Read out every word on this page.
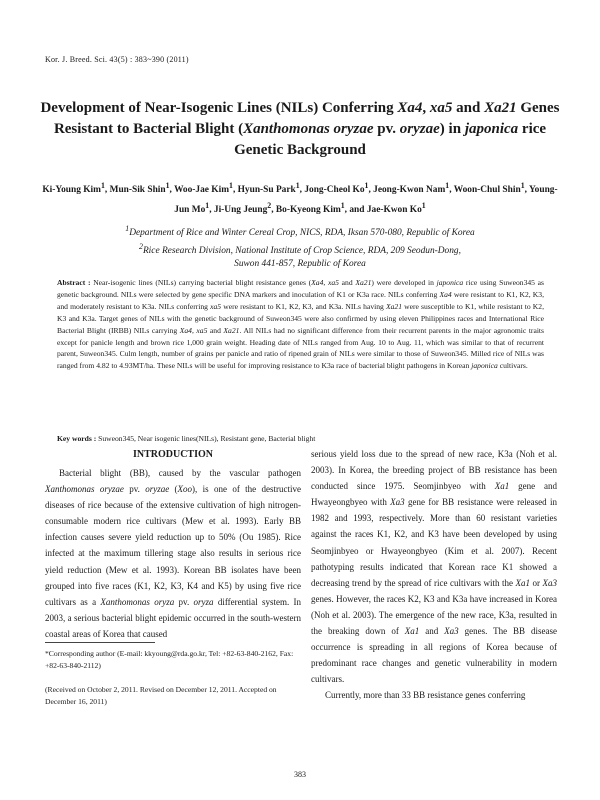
Kor. J. Breed. Sci. 43(5) : 383~390 (2011)
Development of Near-Isogenic Lines (NILs) Conferring Xa4, xa5 and Xa21 Genes Resistant to Bacterial Blight (Xanthomonas oryzae pv. oryzae) in japonica rice Genetic Background
Ki-Young Kim$^1$, Mun-Sik Shin$^1$, Woo-Jae Kim$^1$, Hyun-Su Park$^1$, Jong-Cheol Ko$^1$, Jeong-Kwon Nam$^1$, Woon-Chul Shin$^1$, Young-Jun Mo$^1$, Ji-Ung Jeung$^2$, Bo-Kyeong Kim$^1$, and Jae-Kwon Ko$^1$
$^1$Department of Rice and Winter Cereal Crop, NICS, RDA, Iksan 570-080, Republic of Korea
$^2$Rice Research Division, National Institute of Crop Science, RDA, 209 Seodun-Dong,
Suwon 441-857, Republic of Korea
Abstract : Near-isogenic lines (NILs) carrying bacterial blight resistance genes (Xa4, xa5 and Xa21) were developed in japonica rice using Suweon345 as genetic background. NILs were selected by gene specific DNA markers and inoculation of K1 or K3a race. NILs conferring Xa4 were resistant to K1, K2, K3, and moderately resistant to K3a. NILs conferring xa5 were resistant to K1, K2, K3, and K3a. NILs having Xa21 were susceptible to K1, while resistant to K2, K3 and K3a. Target genes of NILs with the genetic background of Suweon345 were also confirmed by using eleven Philippines races and International Rice Bacterial Blight (IRBB) NILs carrying Xa4, xa5 and Xa21. All NILs had no significant difference from their recurrent parents in the major agronomic traits except for panicle length and brown rice 1,000 grain weight. Heading date of NILs ranged from Aug. 10 to Aug. 11, which was similar to that of recurrent parent, Suweon345. Culm length, number of grains per panicle and ratio of ripened grain of NILs were similar to those of Suweon345. Milled rice of NILs was ranged from 4.82 to 4.93MT/ha. These NILs will be useful for improving resistance to K3a race of bacterial blight pathogens in Korean japonica cultivars.
Key words : Suweon345, Near isogenic lines(NILs), Resistant gene, Bacterial blight
INTRODUCTION

Bacterial blight (BB), caused by the vascular pathogen Xanthomonas oryzae pv. oryzae (Xoo), is one of the destructive diseases of rice because of the extensive cultivation of high nitrogen-consumable modern rice cultivars (Mew et al. 1993). Early BB infection causes severe yield reduction up to 50% (Ou 1985). Rice infected at the maximum tillering stage also results in serious rice yield reduction (Mew et al. 1993). Korean BB isolates have been grouped into five races (K1, K2, K3, K4 and K5) by using five rice cultivars as a Xanthomonas oryza pv. oryza differential system. In 2003, a serious bacterial blight epidemic occurred in the south-western coastal areas of Korea that caused

serious yield loss due to the spread of new race, K3a (Noh et al. 2003). In Korea, the breeding project of BB resistance has been conducted since 1975. Seomjinbyeo with Xa1 gene and Hwayeongbyeo with Xa3 gene for BB resistance were released in 1982 and 1993, respectively. More than 60 resistant varieties against the races K1, K2, and K3 have been developed by using Seomjinbyeo or Hwayeongbyeo (Kim et al. 2007). Recent pathotyping results indicated that Korean race K1 showed a decreasing trend by the spread of rice cultivars with the Xa1 or Xa3 genes. However, the races K2, K3 and K3a have increased in Korea (Noh et al. 2003). The emergence of the new race, K3a, resulted in the breaking down of Xa1 and Xa3 genes. The BB disease occurrence is spreading in all regions of Korea because of predominant race changes and genetic vulnerability in modern cultivars.

Currently, more than 33 BB resistance genes conferring

*Corresponding author (E-mail: kkyoung@rda.go.kr, Tel: +82-63-840-2162, Fax: +82-63-840-2112)
(Received on October 2, 2011. Revised on December 12, 2011. Accepted on December 16, 2011)
383
